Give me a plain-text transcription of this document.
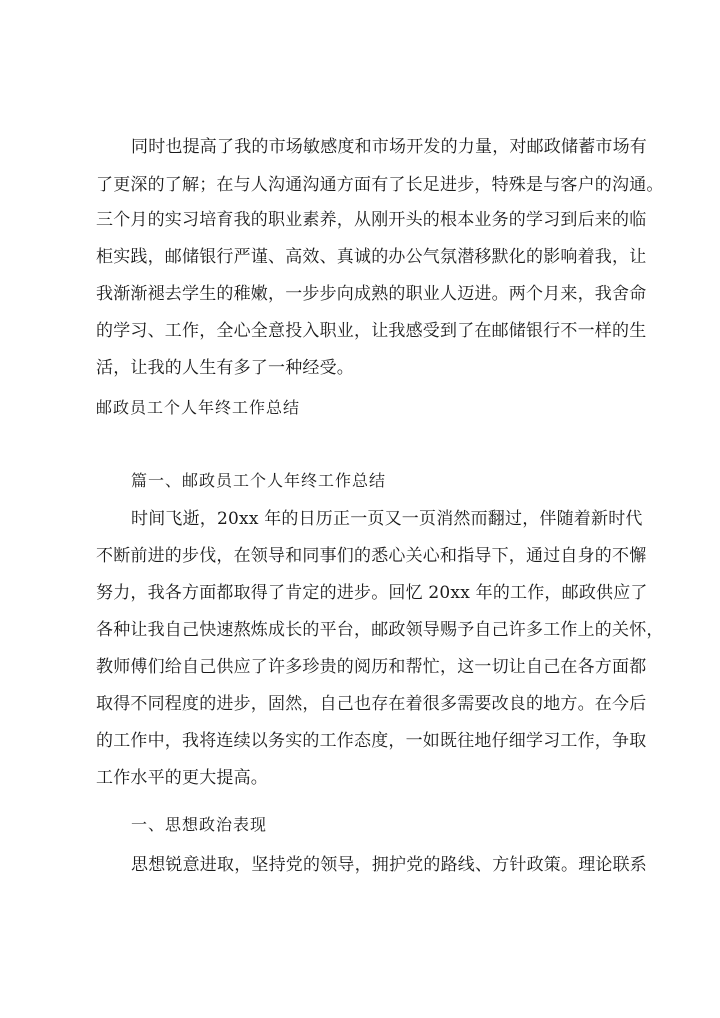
同时也提高了我的市场敏感度和市场开发的力量，对邮政储蓄市场有
了更深的了解；在与人沟通沟通方面有了长足进步，特殊是与客户的沟通。
三个月的实习培育我的职业素养，从刚开头的根本业务的学习到后来的临
柜实践，邮储银行严谨、高效、真诚的办公气氛潜移默化的影响着我，让
我渐渐褪去学生的稚嫩，一步步向成熟的职业人迈进。两个月来，我舍命
的学习、工作，全心全意投入职业，让我感受到了在邮储银行不一样的生
活，让我的人生有多了一种经受。
邮政员工个人年终工作总结
篇一、邮政员工个人年终工作总结
时间飞逝，20xx 年的日历正一页又一页消然而翻过，伴随着新时代
不断前进的步伐，在领导和同事们的悉心关心和指导下，通过自身的不懈
努力，我各方面都取得了肯定的进步。回忆 20xx 年的工作，邮政供应了
各种让我自己快速熬炼成长的平台，邮政领导赐予自己许多工作上的关怀，
教师傅们给自己供应了许多珍贵的阅历和帮忙，这一切让自己在各方面都
取得不同程度的进步，固然，自己也存在着很多需要改良的地方。在今后
的工作中，我将连续以务实的工作态度，一如既往地仔细学习工作，争取
工作水平的更大提高。
一、思想政治表现
思想锐意进取，坚持党的领导，拥护党的路线、方针政策。理论联系
